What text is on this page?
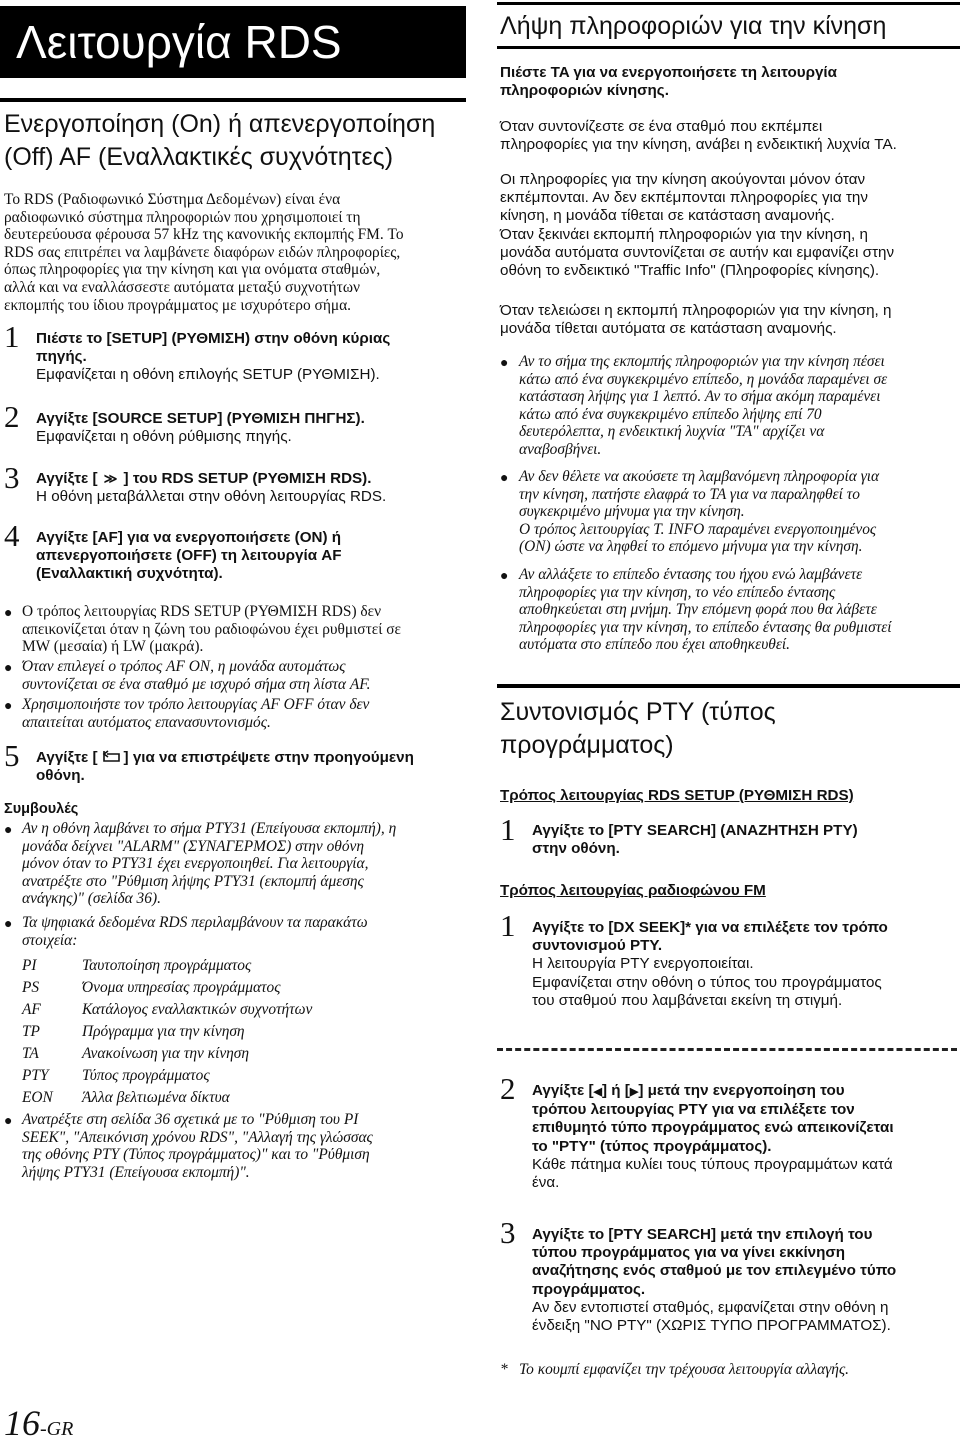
Λειτουργία RDS
Ενεργοποίηση (On) ή απενεργοποίηση
(Off) AF (Εναλλακτικές συχνότητες)
Το RDS (Ραδιοφωνικό Σύστημα Δεδομένων) είναι ένα
ραδιοφωνικό σύστημα πληροφοριών που χρησιμοποιεί τη
δευτερεύουσα φέρουσα 57 kHz της κανονικής εκπομπής FM. Το
RDS σας επιτρέπει να λαμβάνετε διαφόρων ειδών πληροφορίες,
όπως πληροφορίες για την κίνηση και για ονόματα σταθμών,
αλλά και να εναλλάσσεστε αυτόματα μεταξύ συχνοτήτων
εκπομπής του ίδιου προγράμματος με ισχυρότερο σήμα.
1 Πιέστε το [SETUP] (ΡΥΘΜΙΣΗ) στην οθόνη κύριας
πηγής.
Εμφανίζεται η οθόνη επιλογής SETUP (ΡΥΘΜΙΣΗ).
2 Αγγίξτε [SOURCE SETUP] (ΡΥΘΜΙΣΗ ΠΗΓΗΣ).
Εμφανίζεται η οθόνη ρύθμισης πηγής.
3 Αγγίξτε [ ≫ ] του RDS SETUP (ΡΥΘΜΙΣΗ RDS).
Η οθόνη μεταβάλλεται στην οθόνη λειτουργίας RDS.
4 Αγγίξτε [AF] για να ενεργοποιήσετε (ON) ή
απενεργοποιήσετε (OFF) τη λειτουργία AF
(Εναλλακτική συχνότητα).
● Ο τρόπος λειτουργίας RDS SETUP (ΡΥΘΜΙΣΗ RDS) δεν
απεικονίζεται όταν η ζώνη του ραδιοφώνου έχει ρυθμιστεί σε
MW (μεσαία) ή LW (μακρά).
● Όταν επιλεγεί ο τρόπος AF ON, η μονάδα αυτομάτως
συντονίζεται σε ένα σταθμό με ισχυρό σήμα στη λίστα AF.
● Χρησιμοποιήστε τον τρόπο λειτουργίας AF OFF όταν δεν
απαιτείται αυτόματος επανασυντονισμός.
5 Αγγίξτε [ ] για να επιστρέψετε στην προηγούμενη
οθόνη.
Συμβουλές
● Αν η οθόνη λαμβάνει το σήμα PTY31 (Επείγουσα εκπομπή), η
μονάδα δείχνει "ALARM" (ΣΥΝΑΓΕΡΜΟΣ) στην οθόνη
μόνον όταν το PTY31 έχει ενεργοποιηθεί. Για λειτουργία,
ανατρέξτε στο "Ρύθμιση λήψης PTY31 (εκπομπή άμεσης
ανάγκης)" (σελίδα 36).
● Τα ψηφιακά δεδομένα RDS περιλαμβάνουν τα παρακάτω
στοιχεία:
PI	Ταυτοποίηση προγράμματος
PS	Όνομα υπηρεσίας προγράμματος
AF	Κατάλογος εναλλακτικών συχνοτήτων
TP	Πρόγραμμα για την κίνηση
TA	Ανακοίνωση για την κίνηση
PTY Τύπος προγράμματος
EON Άλλα βελτιωμένα δίκτυα
● Ανατρέξτε στη σελίδα 36 σχετικά με το "Ρύθμιση του PI
SEEK", "Απεικόνιση χρόνου RDS", "Αλλαγή της γλώσσας
της οθόνης PTY (Τύπος προγράμματος)" και το "Ρύθμιση
λήψης PTY31 (Επείγουσα εκπομπή)".
16-GR
Λήψη πληροφοριών για την κίνηση
Πιέστε TA για να ενεργοποιήσετε τη λειτουργία
πληροφοριών κίνησης.
Όταν συντονίζεστε σε ένα σταθμό που εκπέμπει
πληροφορίες για την κίνηση, ανάβει η ενδεικτική λυχνία TA.
Οι πληροφορίες για την κίνηση ακούγονται μόνον όταν
εκπέμπονται. Αν δεν εκπέμπονται πληροφορίες για την
κίνηση, η μονάδα τίθεται σε κατάσταση αναμονής.
Όταν ξεκινάει εκπομπή πληροφοριών για την κίνηση, η
μονάδα αυτόματα συντονίζεται σε αυτήν και εμφανίζει στην
οθόνη το ενδεικτικό "Traffic Info" (Πληροφορίες κίνησης).
Όταν τελειώσει η εκπομπή πληροφοριών για την κίνηση, η
μονάδα τίθεται αυτόματα σε κατάσταση αναμονής.
● Αν το σήμα της εκπομπής πληροφοριών για την κίνηση πέσει
κάτω από ένα συγκεκριμένο επίπεδο, η μονάδα παραμένει σε
κατάσταση λήψης για 1 λεπτό. Αν το σήμα ακόμη παραμένει
κάτω από ένα συγκεκριμένο επίπεδο λήψης επί 70
δευτερόλεπτα, η ενδεικτική λυχνία "TA" αρχίζει να
αναβοσβήνει.
● Αν δεν θέλετε να ακούσετε τη λαμβανόμενη πληροφορία για
την κίνηση, πατήστε ελαφρά το TA για να παραληφθεί το
συγκεκριμένο μήνυμα για την κίνηση.
Ο τρόπος λειτουργίας T. INFO παραμένει ενεργοποιημένος
(ON) ώστε να ληφθεί το επόμενο μήνυμα για την κίνηση.
● Αν αλλάξετε το επίπεδο έντασης του ήχου ενώ λαμβάνετε
πληροφορίες για την κίνηση, το νέο επίπεδο έντασης
αποθηκεύεται στη μνήμη. Την επόμενη φορά που θα λάβετε
πληροφορίες για την κίνηση, το επίπεδο έντασης θα ρυθμιστεί
αυτόματα στο επίπεδο που έχει αποθηκευθεί.
Συντονισμός PTY (τύπος
προγράμματος)
Τρόπος λειτουργίας RDS SETUP (ΡΥΘΜΙΣΗ RDS)
1 Αγγίξτε το [PTY SEARCH] (ΑΝΑΖΗΤΗΣΗ PTY)
στην οθόνη.
Τρόπος λειτουργίας ραδιοφώνου FM
1 Αγγίξτε το [DX SEEK]* για να επιλέξετε τον τρόπο
συντονισμού PTY.
Η λειτουργία PTY ενεργοποιείται.
Εμφανίζεται στην οθόνη ο τύπος του προγράμματος
του σταθμού που λαμβάνεται εκείνη τη στιγμή.
2 Αγγίξτε [◀] ή [▶] μετά την ενεργοποίηση του
τρόπου λειτουργίας PTY για να επιλέξετε τον
επιθυμητό τύπο προγράμματος ενώ απεικονίζεται
το "PTY" (τύπος προγράμματος).
Κάθε πάτημα κυλίει τους τύπους προγραμμάτων κατά
ένα.
3 Αγγίξτε το [PTY SEARCH] μετά την επιλογή του
τύπου προγράμματος για να γίνει εκκίνηση
αναζήτησης ενός σταθμού με τον επιλεγμένο τύπο
προγράμματος.
Αν δεν εντοπιστεί σταθμός, εμφανίζεται στην οθόνη η
ένδειξη "NO PTY" (ΧΩΡΙΣ ΤΥΠΟ ΠΡΟΓΡΑΜΜΑΤΟΣ).
* Το κουμπί εμφανίζει την τρέχουσα λειτουργία αλλαγής.
